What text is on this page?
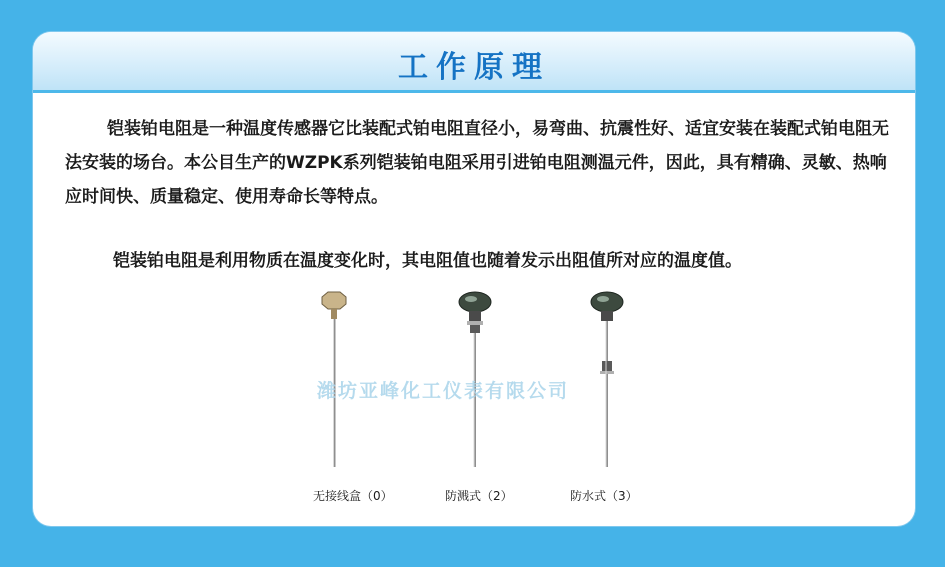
工作原理

铠装铂电阻是一种温度传感器它比装配式铂电阻直径小，易弯曲、抗震性好、适宜安装在装配式铂电阻无法安装的场台。本公目生产的WZPK系列铠装铂电阻采用引进铂电阻测温元件，因此，具有精确、灵敏、热响应时间快、质量稳定、使用寿命长等特点。

铠装铂电阻是利用物质在温度变化时，其电阻值也随着发示出阻值所对应的温度值。

潍坊亚峰化工仪表有限公司
无接线盒（0）	防溅式（2）	防水式（3）
